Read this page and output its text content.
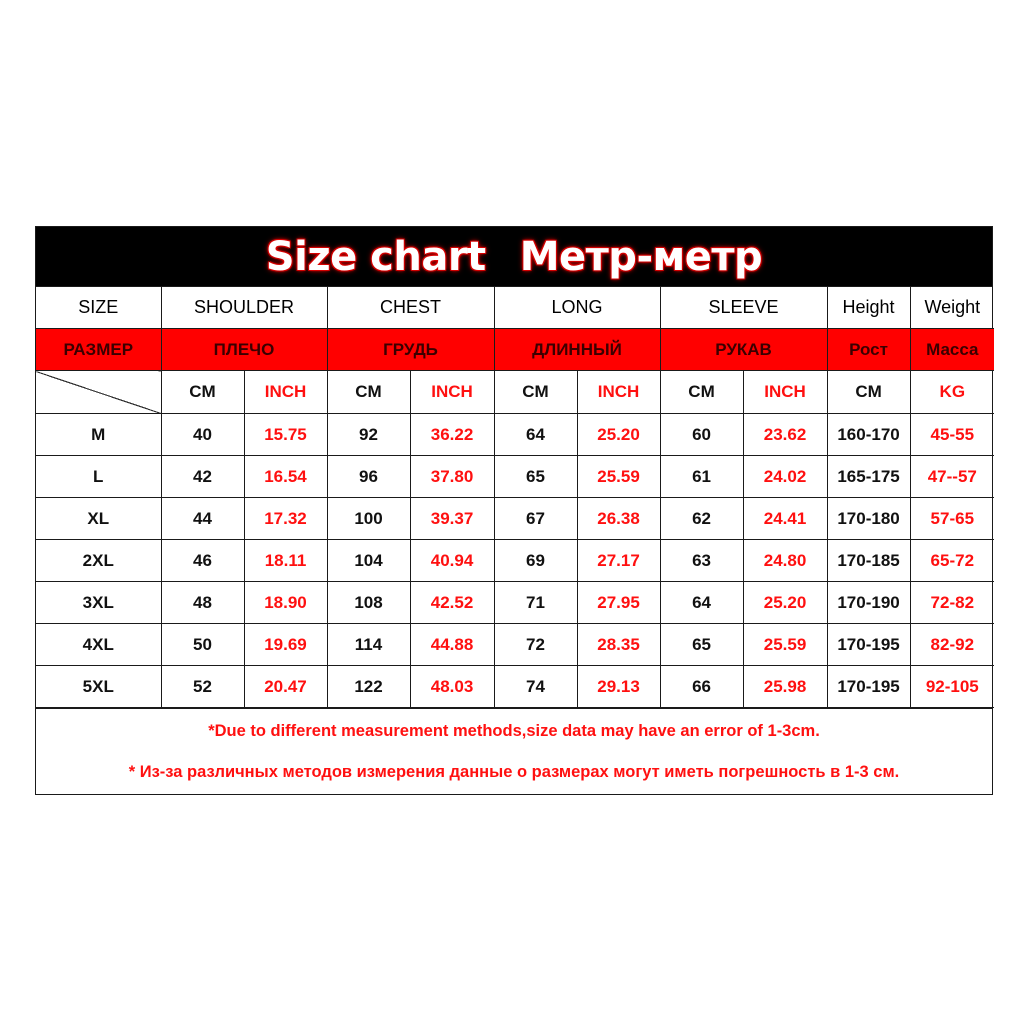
Size chart Метр-метр
SIZE	SHOULDER		CHEST		LONG		SLEEVE		Height	Weight
РАЗМЕР	ПЛЕЧО		ГРУДЬ		ДЛИННЫЙ		РУКАВ		Рост	Масса
	CM	INCH	CM	INCH	CM	INCH	CM	INCH	CM	KG
M	40	15.75	92	36.22	64	25.20	60	23.62	160-170	45-55
L	42	16.54	96	37.80	65	25.59	61	24.02	165-175	47--57
XL	44	17.32	100	39.37	67	26.38	62	24.41	170-180	57-65
2XL	46	18.11	104	40.94	69	27.17	63	24.80	170-185	65-72
3XL	48	18.90	108	42.52	71	27.95	64	25.20	170-190	72-82
4XL	50	19.69	114	44.88	72	28.35	65	25.59	170-195	82-92
5XL	52	20.47	122	48.03	74	29.13	66	25.98	170-195	92-105
*Due to different measurement methods,size data may have an error of 1-3cm.
* Из-за различных методов измерения данные о размерах могут иметь погрешность в 1-3 см.
